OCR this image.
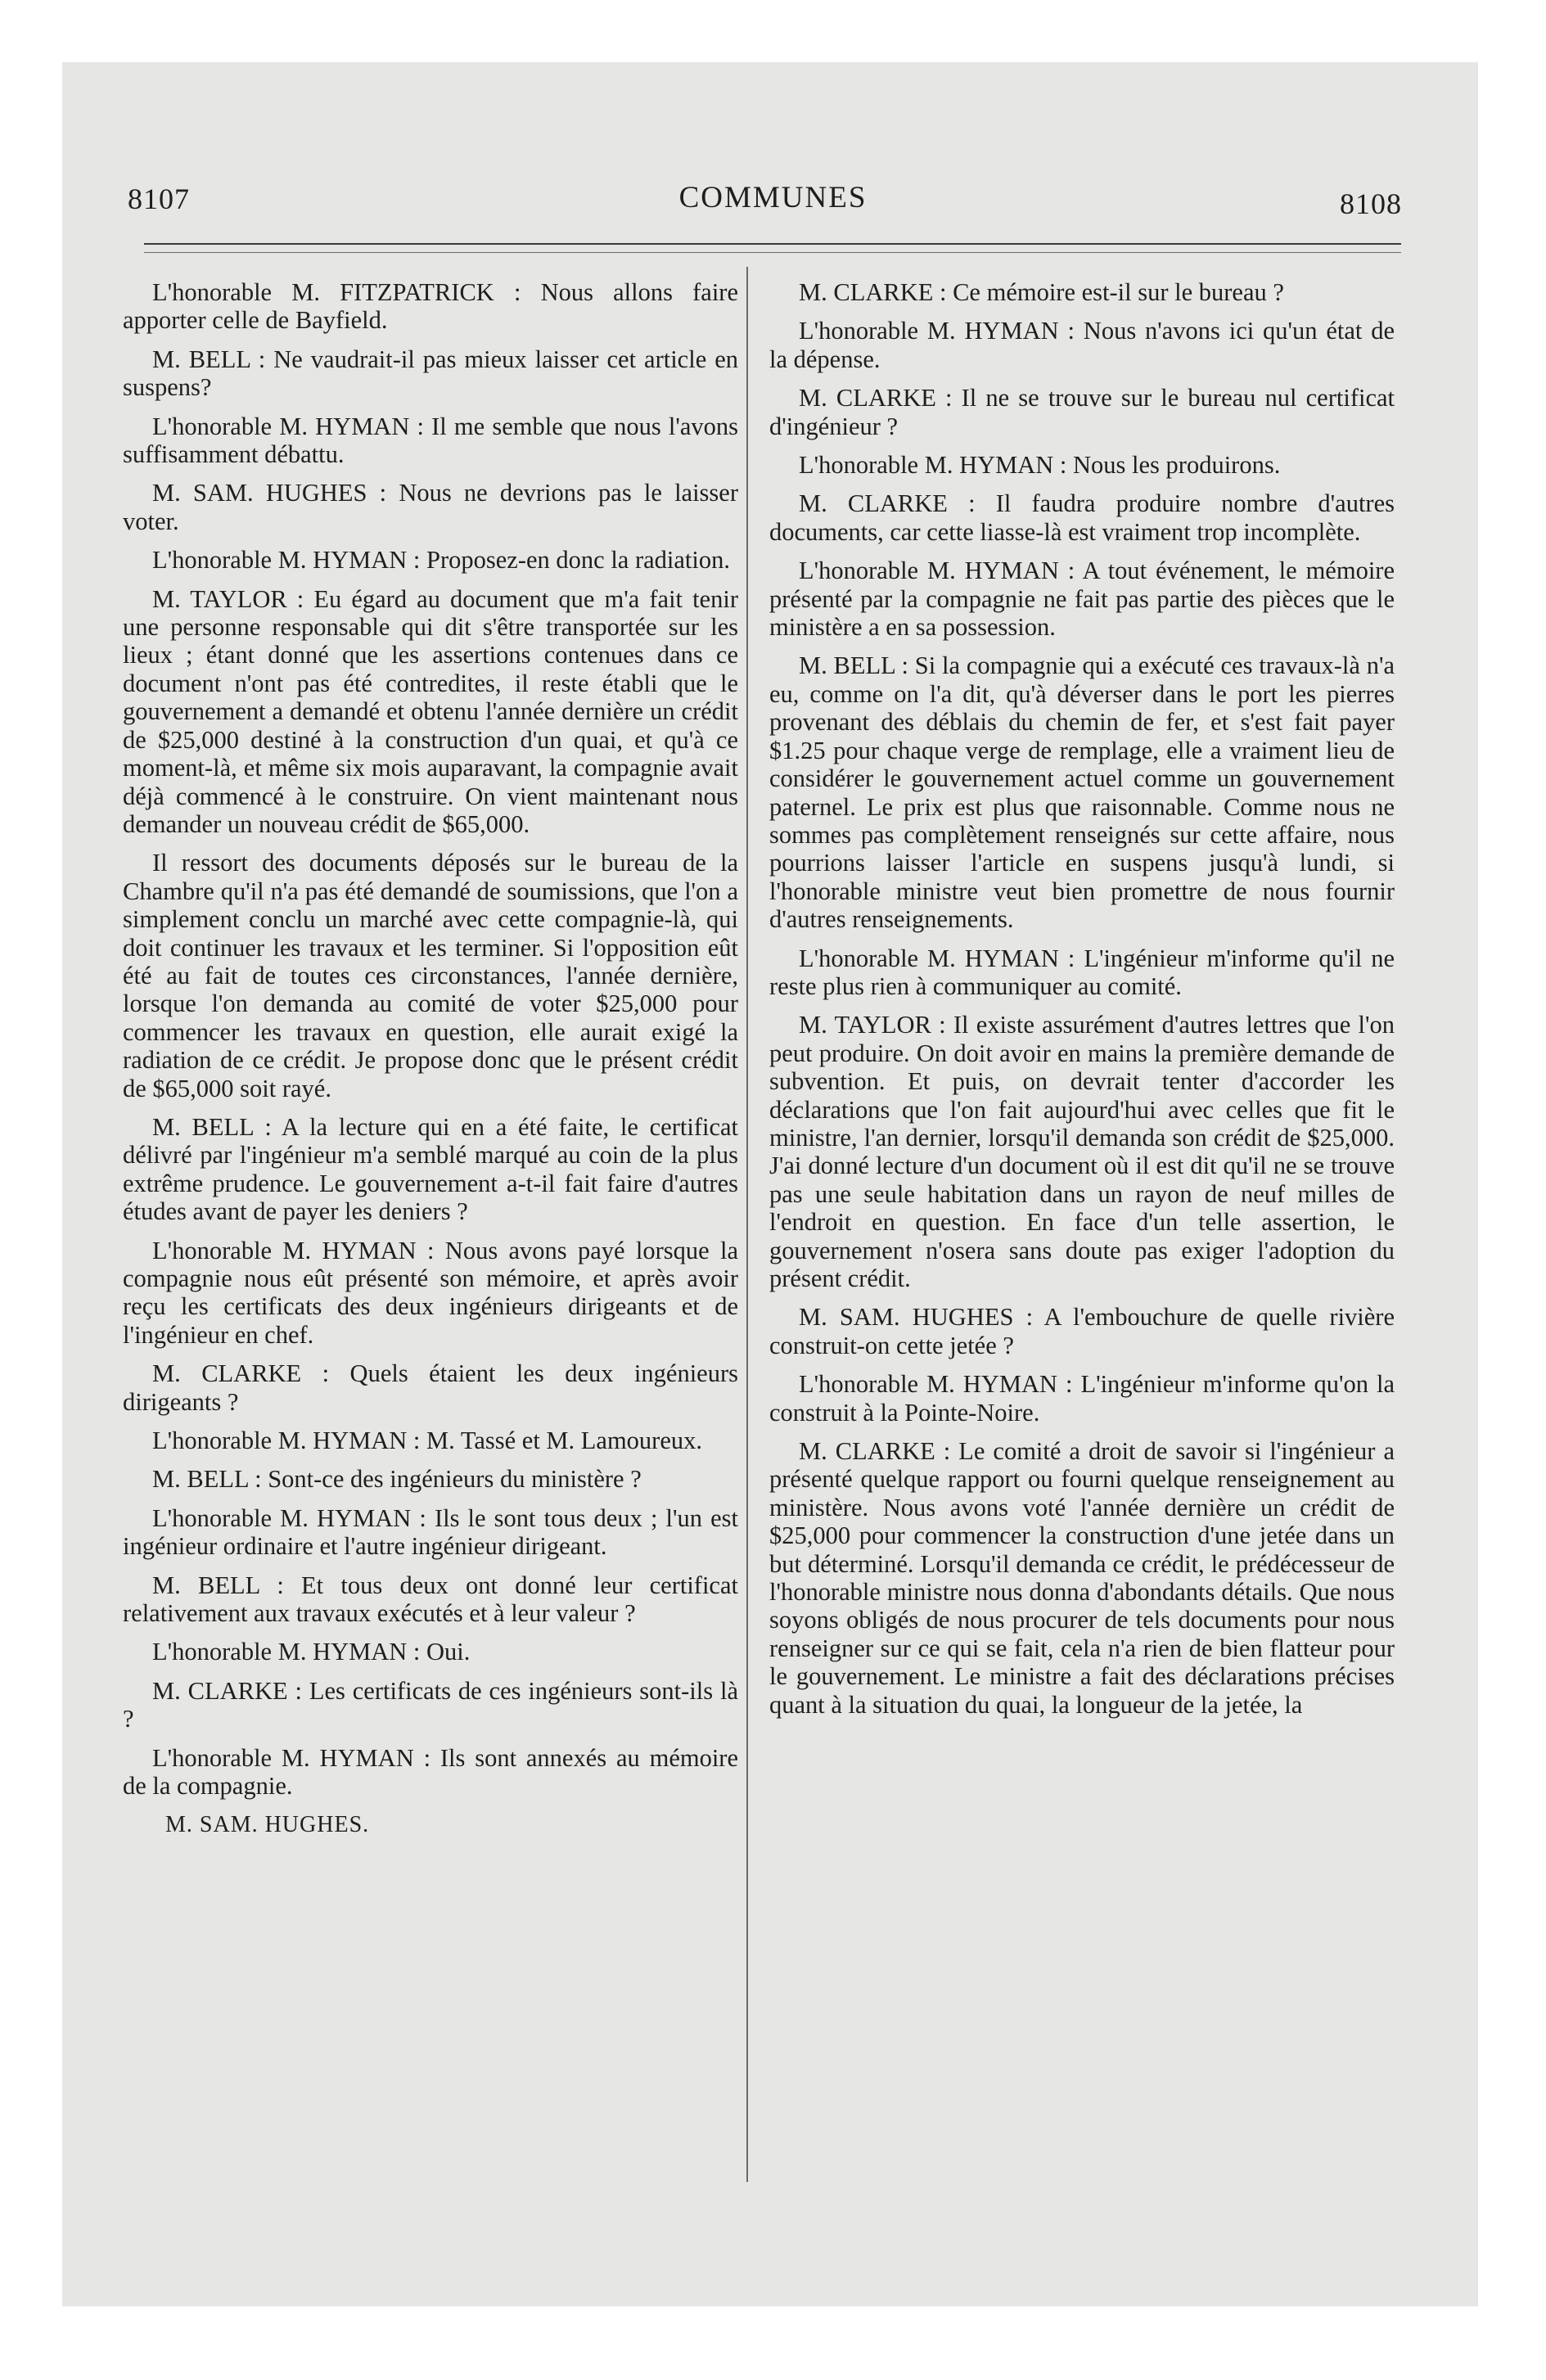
8107	COMMUNES	8108

L'honorable M. FITZPATRICK : Nous allons faire apporter celle de Bayfield.

M. BELL : Ne vaudrait-il pas mieux laisser cet article en suspens?

L'honorable M. HYMAN : Il me semble que nous l'avons suffisamment débattu.

M. SAM. HUGHES : Nous ne devrions pas le laisser voter.

L'honorable M. HYMAN : Proposez-en donc la radiation.

M. TAYLOR : Eu égard au document que m'a fait tenir une personne responsable qui dit s'être transportée sur les lieux ; étant donné que les assertions contenues dans ce document n'ont pas été contredites, il reste établi que le gouvernement a demandé et obtenu l'année dernière un crédit de $25,000 destiné à la construction d'un quai, et qu'à ce moment-là, et même six mois auparavant, la compagnie avait déjà commencé à le construire. On vient maintenant nous demander un nouveau crédit de $65,000.

Il ressort des documents déposés sur le bureau de la Chambre qu'il n'a pas été demandé de soumissions, que l'on a simplement conclu un marché avec cette compagnie-là, qui doit continuer les travaux et les terminer. Si l'opposition eût été au fait de toutes ces circonstances, l'année dernière, lorsque l'on demanda au comité de voter $25,000 pour commencer les travaux en question, elle aurait exigé la radiation de ce crédit. Je propose donc que le présent crédit de $65,000 soit rayé.

M. BELL : A la lecture qui en a été faite, le certificat délivré par l'ingénieur m'a semblé marqué au coin de la plus extrême prudence. Le gouvernement a-t-il fait faire d'autres études avant de payer les deniers ?

L'honorable M. HYMAN : Nous avons payé lorsque la compagnie nous eût présenté son mémoire, et après avoir reçu les certificats des deux ingénieurs dirigeants et de l'ingénieur en chef.

M. CLARKE : Quels étaient les deux ingénieurs dirigeants ?

L'honorable M. HYMAN : M. Tassé et M. Lamoureux.

M. BELL : Sont-ce des ingénieurs du ministère ?

L'honorable M. HYMAN : Ils le sont tous deux ; l'un est ingénieur ordinaire et l'autre ingénieur dirigeant.

M. BELL : Et tous deux ont donné leur certificat relativement aux travaux exécutés et à leur valeur ?

L'honorable M. HYMAN : Oui.

M. CLARKE : Les certificats de ces ingénieurs sont-ils là ?

L'honorable M. HYMAN : Ils sont annexés au mémoire de la compagnie.

M. SAM. HUGHES.

M. CLARKE : Ce mémoire est-il sur le bureau ?

L'honorable M. HYMAN : Nous n'avons ici qu'un état de la dépense.

M. CLARKE : Il ne se trouve sur le bureau nul certificat d'ingénieur ?

L'honorable M. HYMAN : Nous les produirons.

M. CLARKE : Il faudra produire nombre d'autres documents, car cette liasse-là est vraiment trop incomplète.

L'honorable M. HYMAN : A tout événement, le mémoire présenté par la compagnie ne fait pas partie des pièces que le ministère a en sa possession.

M. BELL : Si la compagnie qui a exécuté ces travaux-là n'a eu, comme on l'a dit, qu'à déverser dans le port les pierres provenant des déblais du chemin de fer, et s'est fait payer $1.25 pour chaque verge de remplage, elle a vraiment lieu de considérer le gouvernement actuel comme un gouvernement paternel. Le prix est plus que raisonnable. Comme nous ne sommes pas complètement renseignés sur cette affaire, nous pourrions laisser l'article en suspens jusqu'à lundi, si l'honorable ministre veut bien promettre de nous fournir d'autres renseignements.

L'honorable M. HYMAN : L'ingénieur m'informe qu'il ne reste plus rien à communiquer au comité.

M. TAYLOR : Il existe assurément d'autres lettres que l'on peut produire. On doit avoir en mains la première demande de subvention. Et puis, on devrait tenter d'accorder les déclarations que l'on fait aujourd'hui avec celles que fit le ministre, l'an dernier, lorsqu'il demanda son crédit de $25,000. J'ai donné lecture d'un document où il est dit qu'il ne se trouve pas une seule habitation dans un rayon de neuf milles de l'endroit en question. En face d'un telle assertion, le gouvernement n'osera sans doute pas exiger l'adoption du présent crédit.

M. SAM. HUGHES : A l'embouchure de quelle rivière construit-on cette jetée ?

L'honorable M. HYMAN : L'ingénieur m'informe qu'on la construit à la Pointe-Noire.

M. CLARKE : Le comité a droit de savoir si l'ingénieur a présenté quelque rapport ou fourni quelque renseignement au ministère. Nous avons voté l'année dernière un crédit de $25,000 pour commencer la construction d'une jetée dans un but déterminé. Lorsqu'il demanda ce crédit, le prédécesseur de l'honorable ministre nous donna d'abondants détails. Que nous soyons obligés de nous procurer de tels documents pour nous renseigner sur ce qui se fait, cela n'a rien de bien flatteur pour le gouvernement. Le ministre a fait des déclarations précises quant à la situation du quai, la longueur de la jetée, la
